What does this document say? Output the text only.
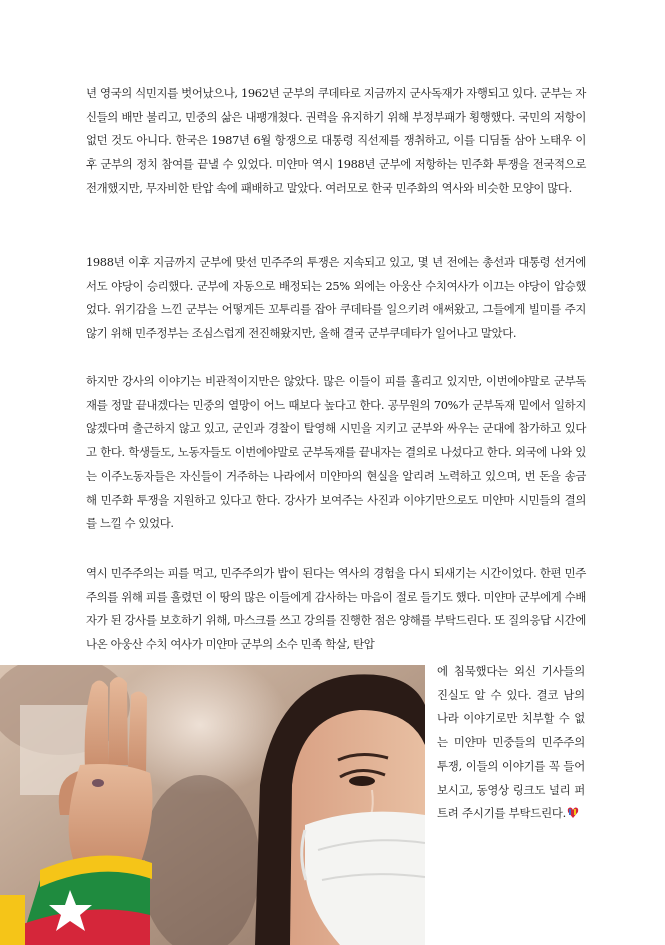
년 영국의 식민지를 벗어났으나, 1962년 군부의 쿠데타로 지금까지 군사독재가 자행되고 있다. 군부는 자신들의 배만 불리고, 민중의 삶은 내팽개쳤다. 권력을 유지하기 위해 부정부패가 횡행했다. 국민의 저항이 없던 것도 아니다. 한국은 1987년 6월 항쟁으로 대통령 직선제를 쟁취하고, 이를 디딤돌 삼아 노태우 이후 군부의 정치 참여를 끝낼 수 있었다. 미얀마 역시 1988년 군부에 저항하는 민주화 투쟁을 전국적으로 전개했지만, 무자비한 탄압 속에 패배하고 말았다. 여러모로 한국 민주화의 역사와 비슷한 모양이 많다.

1988년 이후 지금까지 군부에 맞선 민주주의 투쟁은 지속되고 있고, 몇 년 전에는 총선과 대통령 선거에서도 야당이 승리했다. 군부에 자동으로 배정되는 25% 외에는 아웅산 수치여사가 이끄는 야당이 압승했었다. 위기감을 느낀 군부는 어떻게든 꼬투리를 잡아 쿠데타를 일으키려 애써왔고, 그들에게 빌미를 주지 않기 위해 민주정부는 조심스럽게 전진해왔지만, 올해 결국 군부쿠데타가 일어나고 말았다.

하지만 강사의 이야기는 비관적이지만은 않았다. 많은 이들이 피를 흘리고 있지만, 이번에야말로 군부독재를 정말 끝내겠다는 민중의 열망이 어느 때보다 높다고 한다. 공무원의 70%가 군부독재 밑에서 일하지 않겠다며 출근하지 않고 있고, 군인과 경찰이 탈영해 시민을 지키고 군부와 싸우는 군대에 참가하고 있다고 한다. 학생들도, 노동자들도 이번에야말로 군부독재를 끝내자는 결의로 나섰다고 한다. 외국에 나와 있는 이주노동자들은 자신들이 거주하는 나라에서 미얀마의 현실을 알리려 노력하고 있으며, 번 돈을 송금해 민주화 투쟁을 지원하고 있다고 한다. 강사가 보여주는 사진과 이야기만으로도 미얀마 시민들의 결의를 느낄 수 있었다.

역시 민주주의는 피를 먹고, 민주주의가 밥이 된다는 역사의 경험을 다시 되새기는 시간이었다. 한편 민주주의를 위해 피를 흘렸던 이 땅의 많은 이들에게 감사하는 마음이 절로 들기도 했다. 미얀마 군부에게 수배자가 된 강사를 보호하기 위해, 마스크를 쓰고 강의를 진행한 점은 양해를 부탁드린다. 또 질의응답 시간에 나온 아웅산 수치 여사가 미얀마 군부의 소수 민족 학살, 탄압

에 침묵했다는 외신 기사들의 진실도 알 수 있다. 결코 남의 나라 이야기로만 치부할 수 없는 미얀마 민중들의 민주주의 투쟁, 이들의 이야기를 꼭 들어보시고, 동영상 링크도 널리 퍼트려 주시기를 부탁드린다.
